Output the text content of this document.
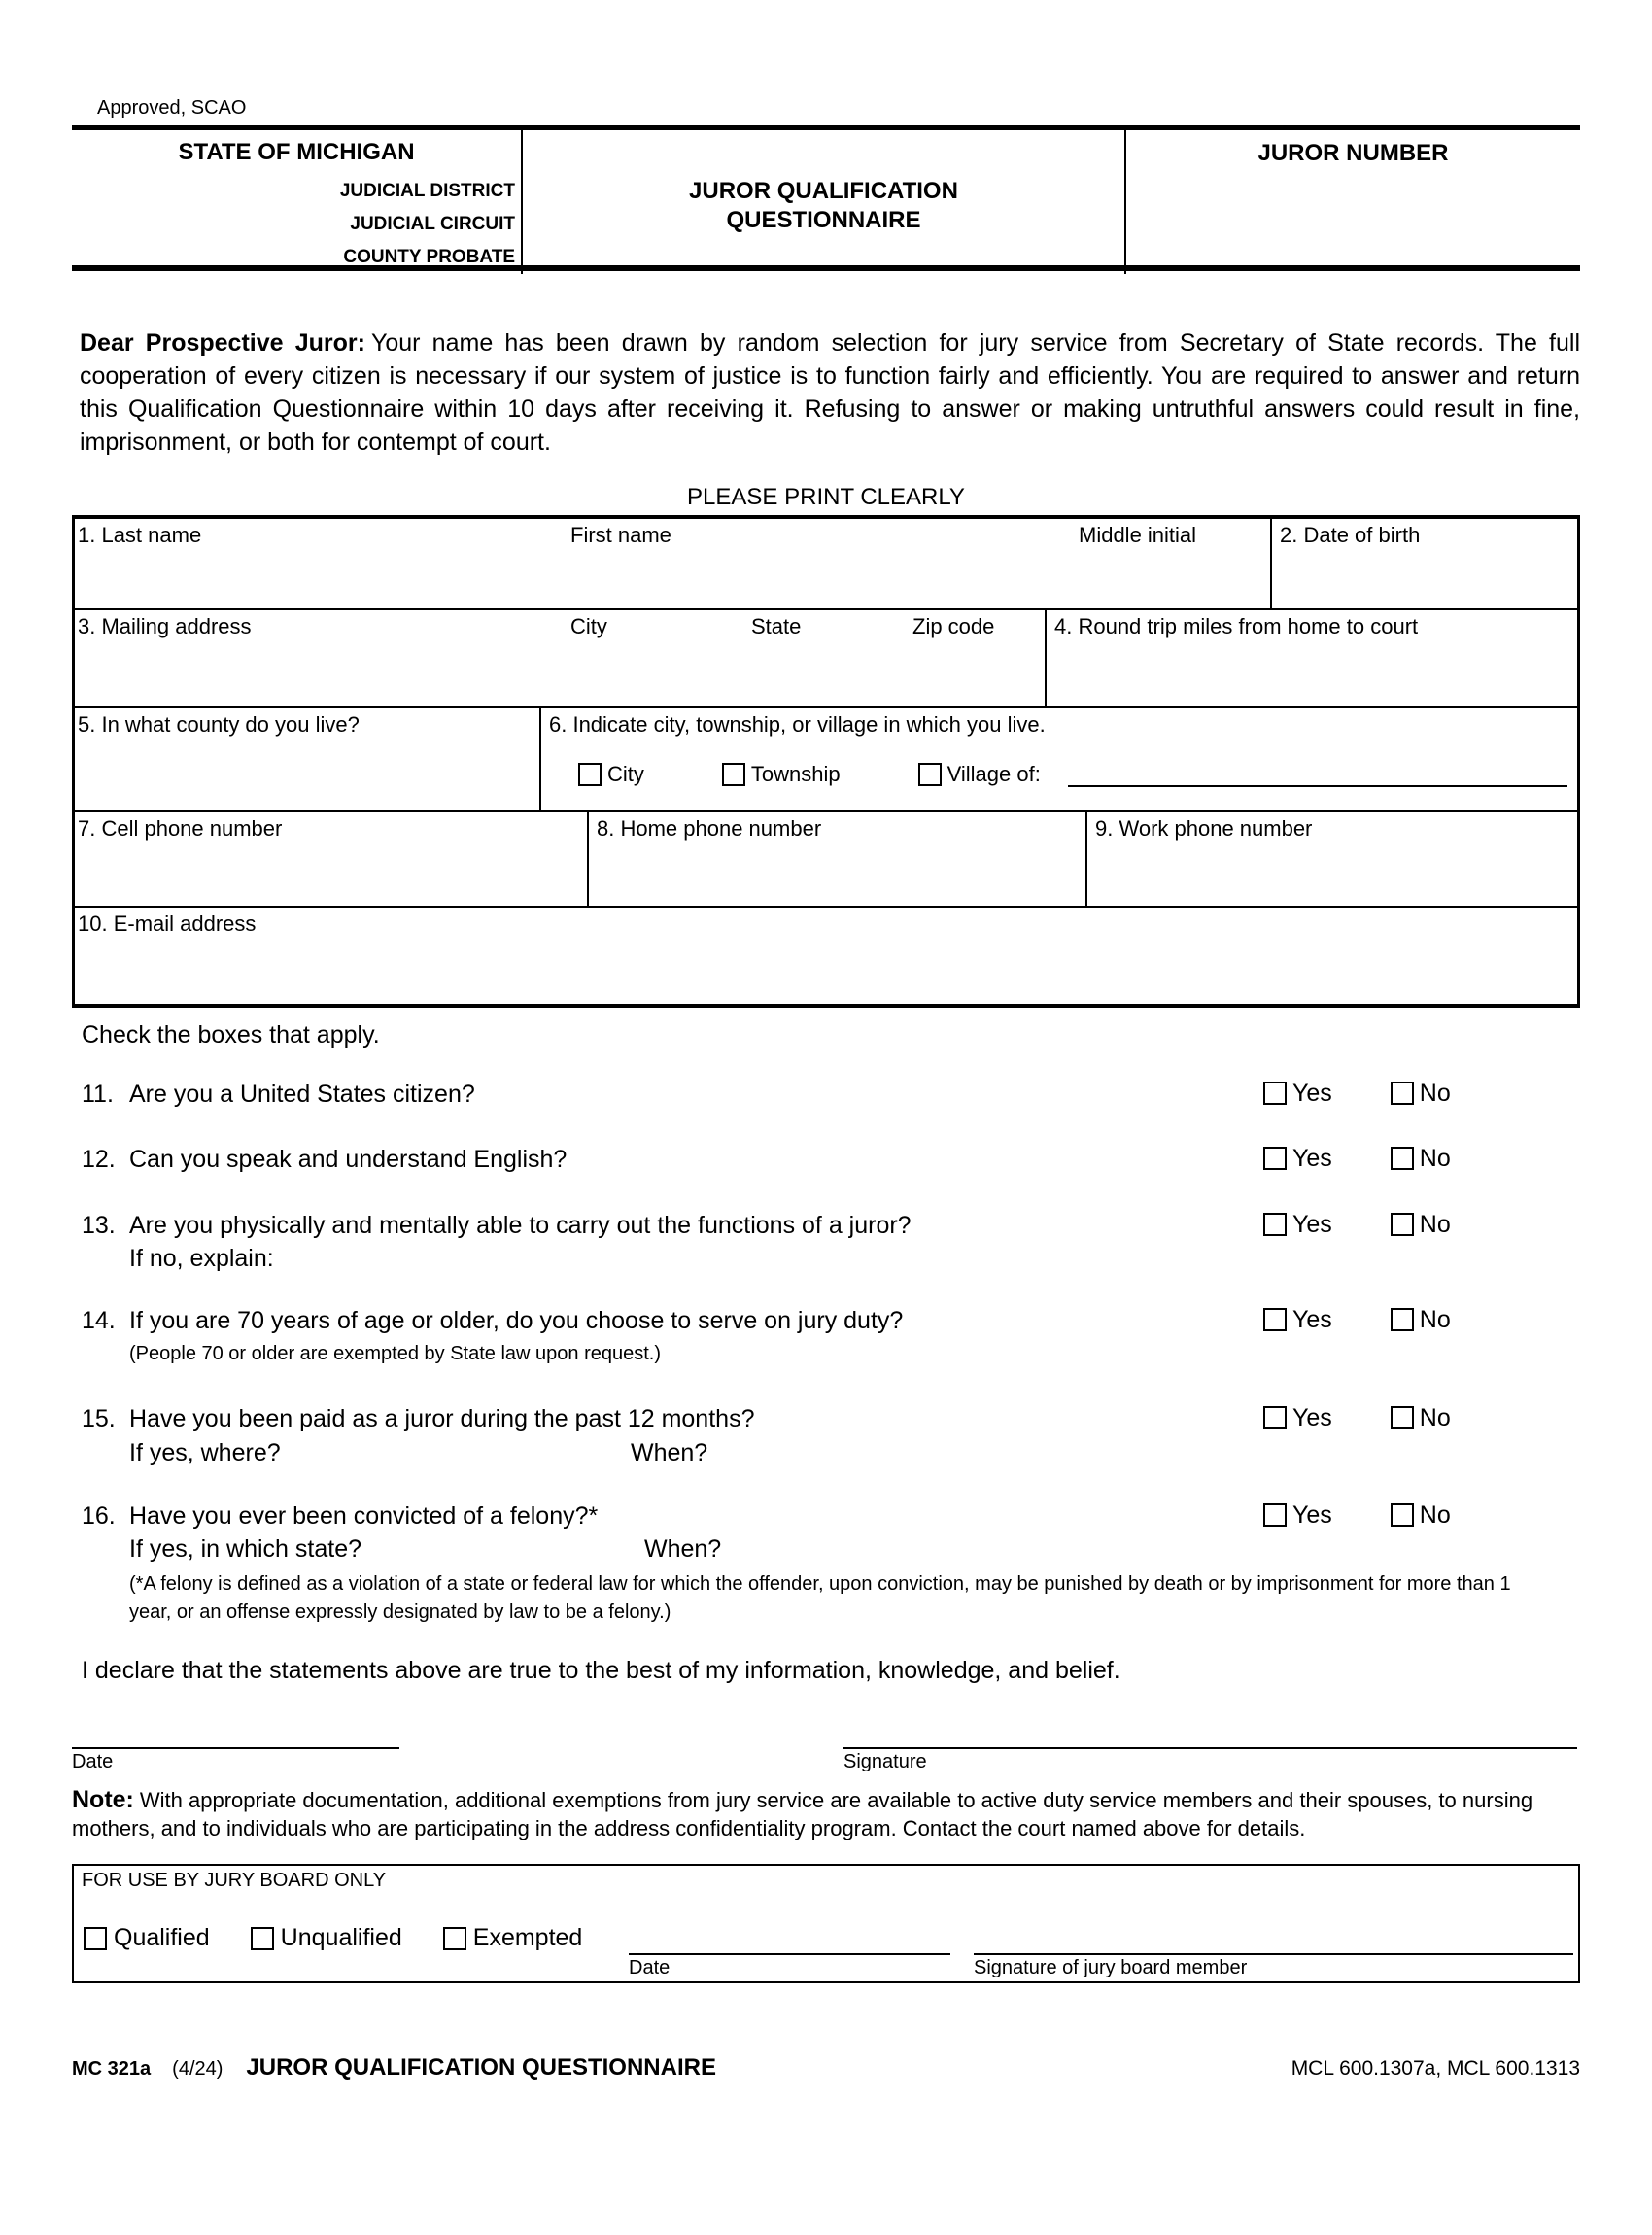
Approved, SCAO
STATE OF MICHIGAN
JUDICIAL DISTRICT
JUDICIAL CIRCUIT
COUNTY PROBATE
JUROR QUALIFICATION
QUESTIONNAIRE
JUROR NUMBER

Dear Prospective Juror: Your name has been drawn by random selection for jury service from Secretary of State records. The full cooperation of every citizen is necessary if our system of justice is to function fairly and efficiently. You are required to answer and return this Qualification Questionnaire within 10 days after receiving it. Refusing to answer or making untruthful answers could result in fine, imprisonment, or both for contempt of court.

PLEASE PRINT CLEARLY
1. Last name	First name	Middle initial	2. Date of birth
3. Mailing address	City	State	Zip code	4. Round trip miles from home to court
5. In what county do you live?	6. Indicate city, township, or village in which you live.
City	Township	Village of:
7. Cell phone number	8. Home phone number	9. Work phone number
10. E-mail address
Check the boxes that apply.
11. Are you a United States citizen?	Yes	No
12. Can you speak and understand English?	Yes	No
13. Are you physically and mentally able to carry out the functions of a juror?	Yes	No
If no, explain:
14. If you are 70 years of age or older, do you choose to serve on jury duty?	Yes	No
(People 70 or older are exempted by State law upon request.)
15. Have you been paid as a juror during the past 12 months?	Yes	No
If yes, where?	When?
16. Have you ever been convicted of a felony?*	Yes	No
If yes, in which state?	When?
(*A felony is defined as a violation of a state or federal law for which the offender, upon conviction, may be punished by death or by imprisonment for more than 1 year, or an offense expressly designated by law to be a felony.)
I declare that the statements above are true to the best of my information, knowledge, and belief.
Date	Signature

Note: With appropriate documentation, additional exemptions from jury service are available to active duty service members and their spouses, to nursing mothers, and to individuals who are participating in the address confidentiality program. Contact the court named above for details.

FOR USE BY JURY BOARD ONLY
Qualified	Unqualified	Exempted
Date	Signature of jury board member
MC 321a (4/24) JUROR QUALIFICATION QUESTIONNAIRE	MCL 600.1307a, MCL 600.1313
